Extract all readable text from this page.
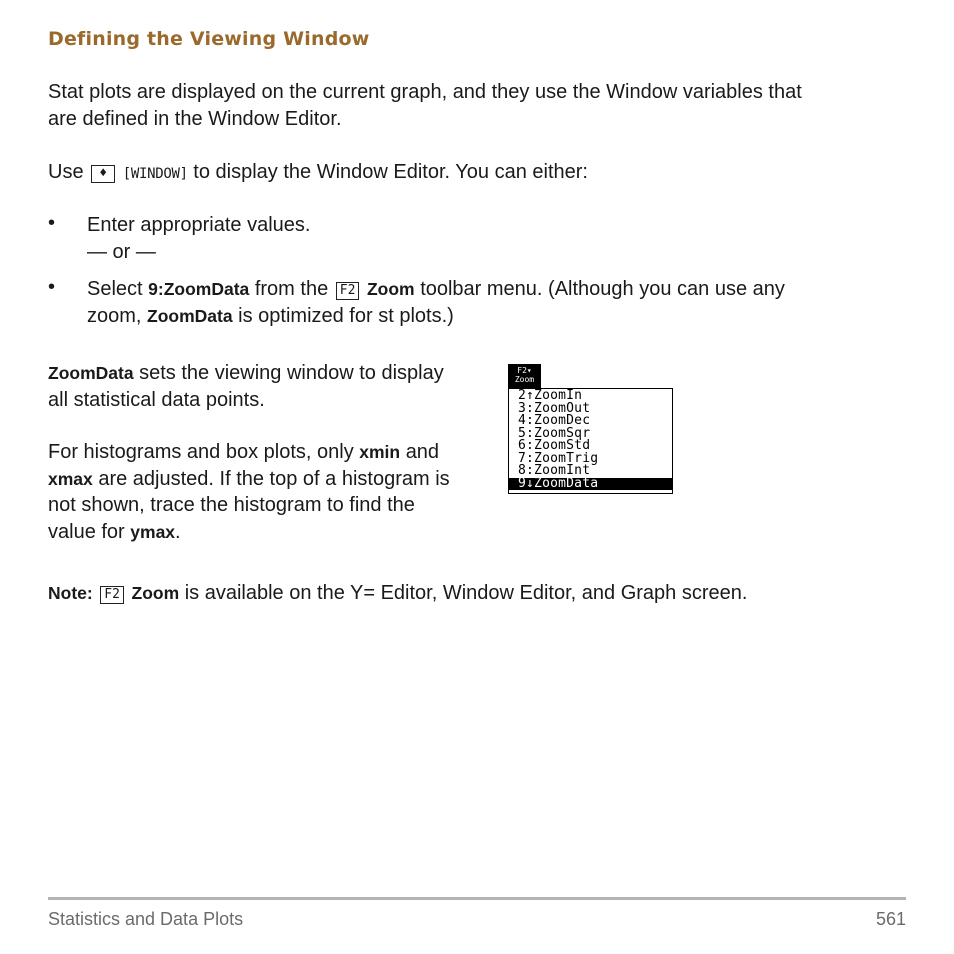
Defining the Viewing Window
Stat plots are displayed on the current graph, and they use the Window variables that
are defined in the Window Editor.
Use ♦ [WINDOW] to display the Window Editor. You can either:
• Enter appropriate values.
— or —
• Select 9:ZoomData from the F2 Zoom toolbar menu. (Although you can use any
zoom, ZoomData is optimized for st plots.)
ZoomData sets the viewing window to display
all statistical data points.
For histograms and box plots, only xmin and
xmax are adjusted. If the top of a histogram is
not shown, trace the histogram to find the
value for ymax.
F2▾
Zoom
2↑ZoomIn
3:ZoomOut
4:ZoomDec
5:ZoomSqr
6:ZoomStd
7:ZoomTrig
8:ZoomInt
9↓ZoomData
Note: F2 Zoom is available on the Y= Editor, Window Editor, and Graph screen.
Statistics and Data Plots	561
